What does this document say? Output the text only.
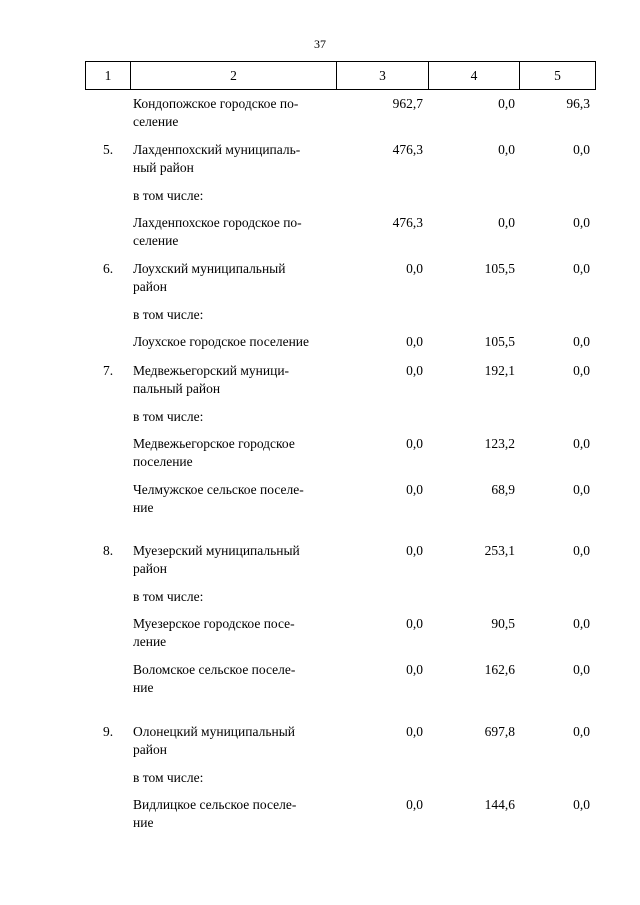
37
1	2	3	4	5
Кондопожское городское по-
селение
962,7	0,0	96,3
5. Лахденпохский муниципаль-
ный район
476,3	0,0	0,0
в том числе:
Лахденпохское городское по-
селение
476,3	0,0	0,0
6. Лоухский муниципальный
район
0,0	105,5	0,0
в том числе:
Лоухское городское поселение	0,0	105,5	0,0
7. Медвежьегорский муници-
пальный район
0,0	192,1	0,0
в том числе:
Медвежьегорское городское
поселение
0,0	123,2	0,0
Челмужское сельское поселе-
ние
0,0	68,9	0,0
8. Муезерский муниципальный
район
0,0	253,1	0,0
в том числе:
Муезерское городское посе-
ление
0,0	90,5	0,0
Воломское сельское поселе-
ние
0,0	162,6	0,0
9. Олонецкий муниципальный
район
0,0	697,8	0,0
в том числе:
Видлицкое сельское поселе-
ние
0,0	144,6	0,0
